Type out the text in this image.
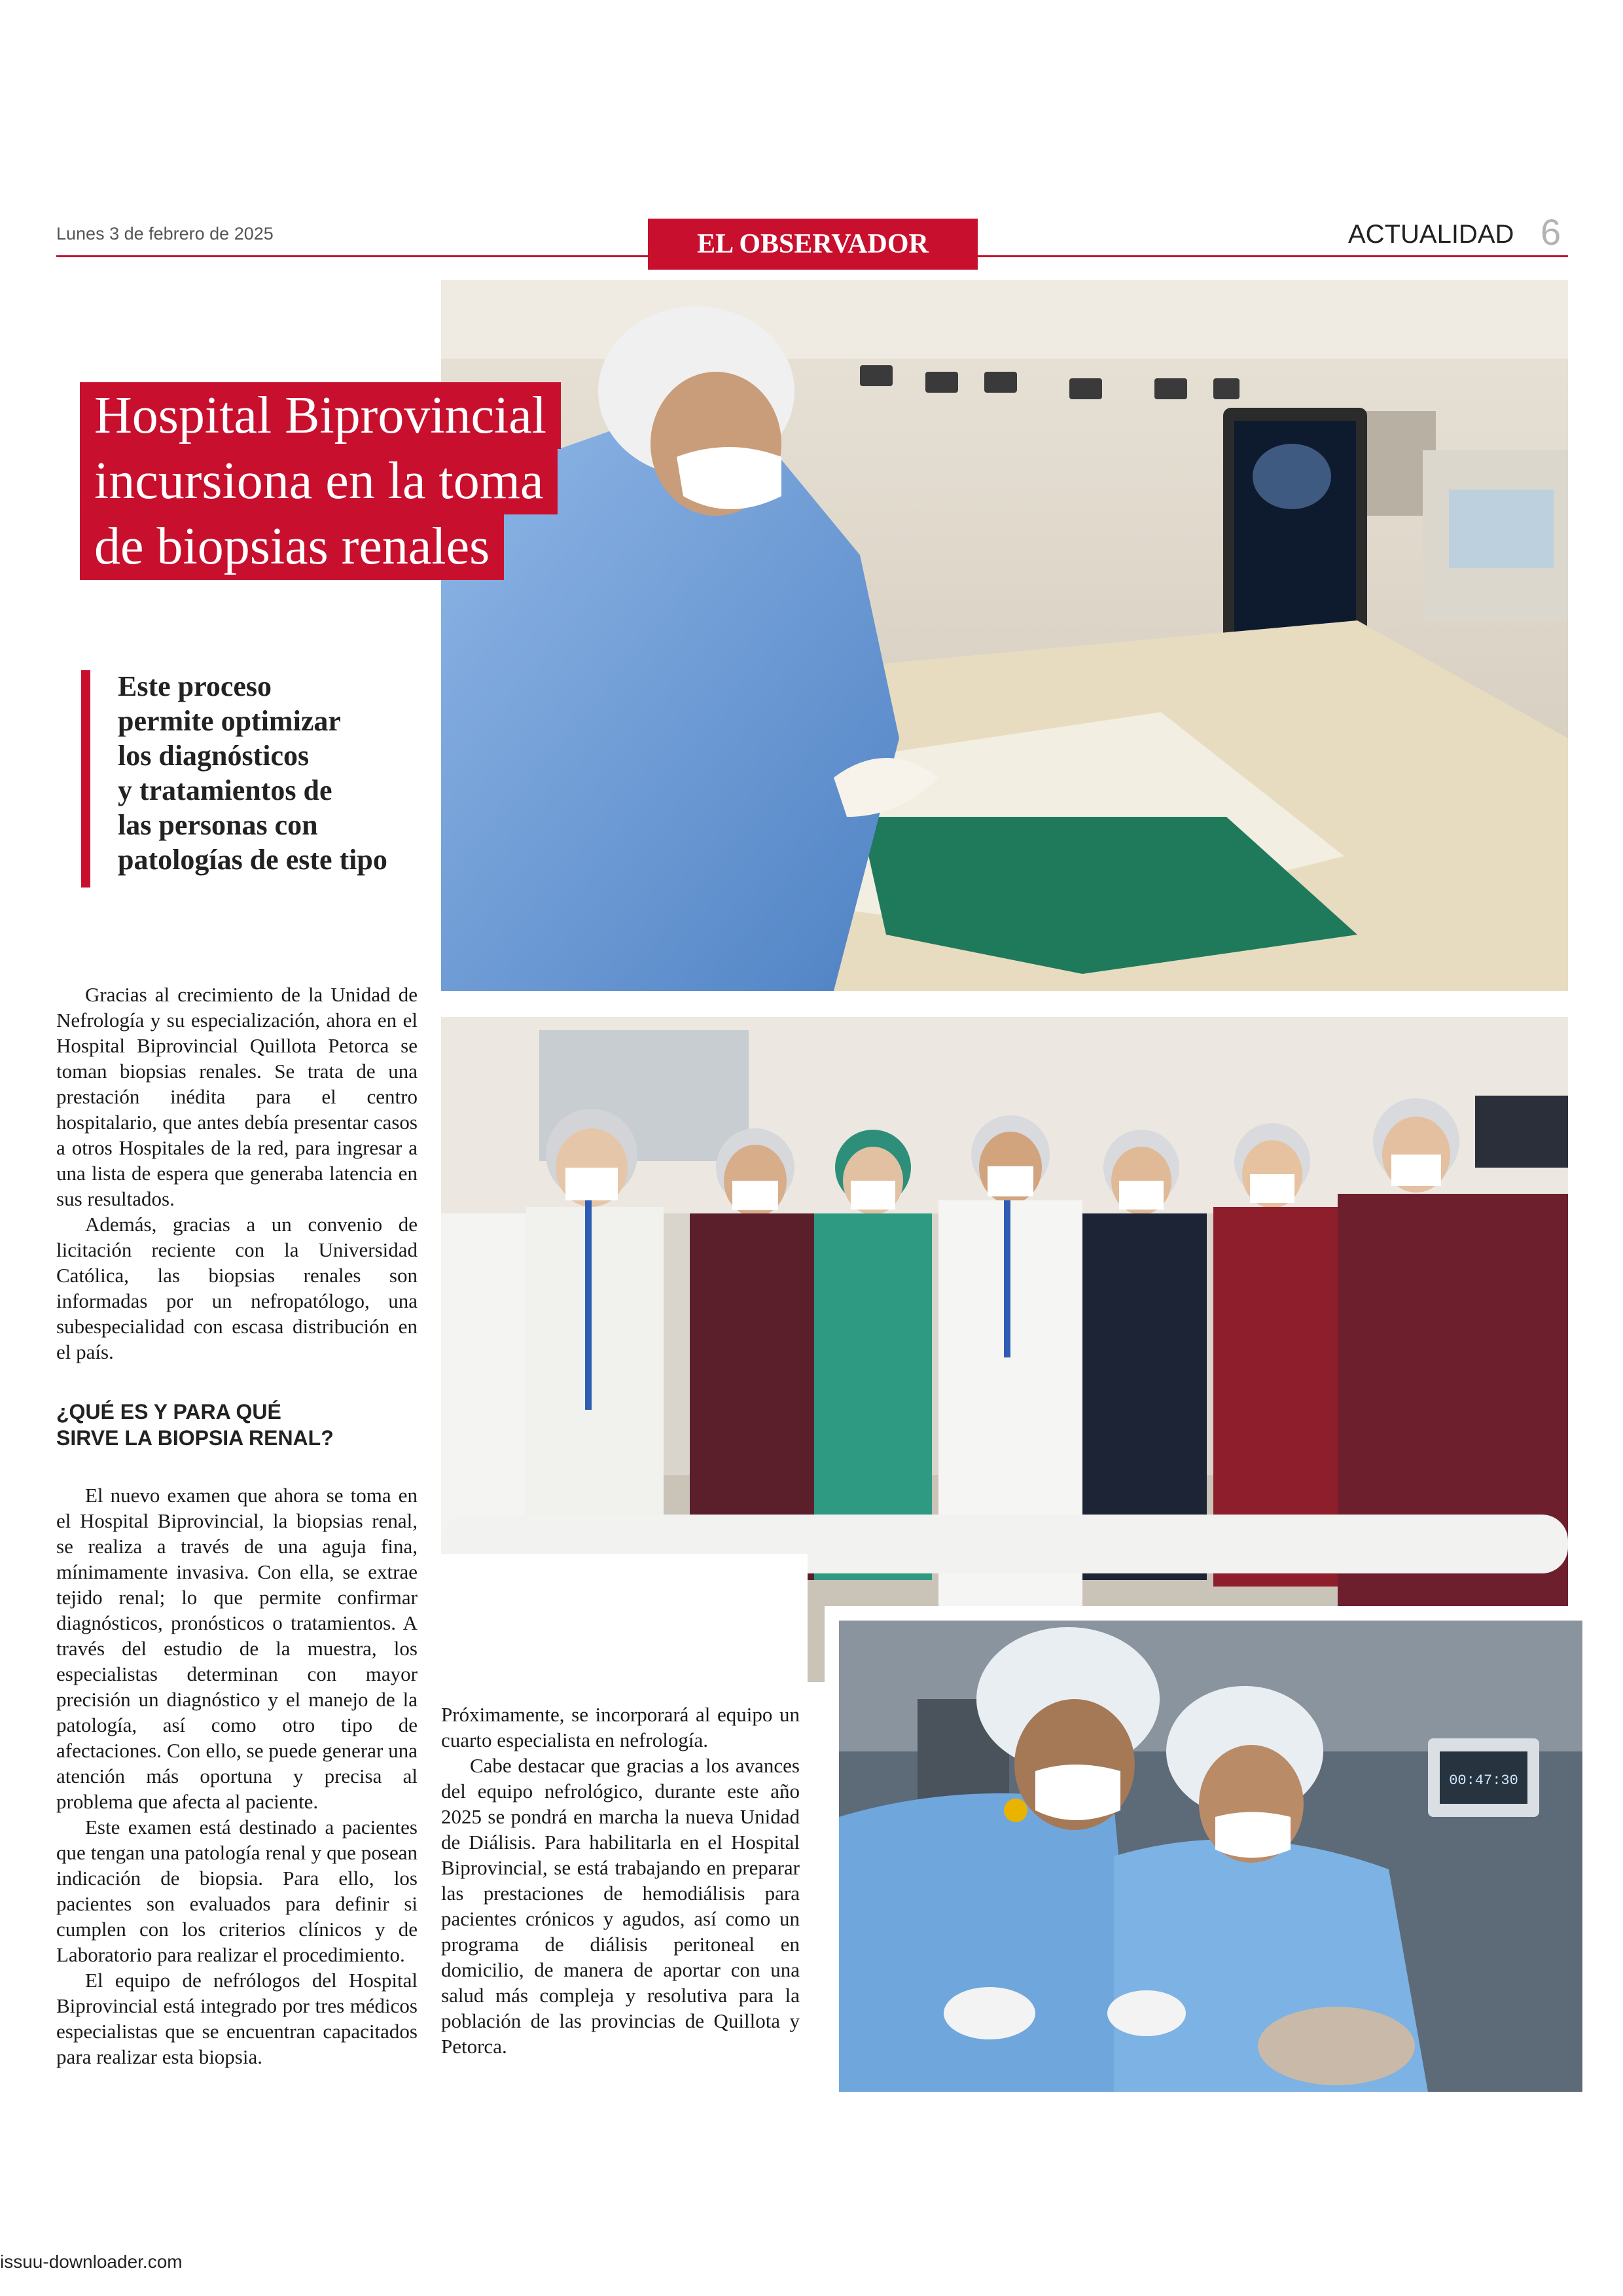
Lunes 3 de febrero de 2025	EL OBSERVADOR	ACTUALIDAD 6
Hospital Biprovincial
incursiona en la toma
de biopsias renales
Este proceso
permite optimizar
los diagnósticos
y tratamientos de
las personas con
patologías de este tipo
00:47:30

Gracias al crecimiento de la Unidad de Nefrología y su especialización, ahora en el Hospital Biprovincial Quillota Petorca se toman biopsias renales. Se trata de una prestación inédita para el centro hospitalario, que antes debía presentar casos a otros Hospitales de la red, para ingresar a una lista de espera que generaba latencia en sus resultados.

Además, gracias a un convenio de licitación reciente con la Universidad Católica, las biopsias renales son informadas por un nefropatólogo, una subespecialidad con escasa distribución en el país.

¿QUÉ ES Y PARA QUÉ
SIRVE LA BIOPSIA RENAL?

El nuevo examen que ahora se toma en el Hospital Biprovincial, la biopsias renal, se realiza a través de una aguja fina, mínimamente invasiva. Con ella, se extrae tejido renal; lo que permite confirmar diagnósticos, pronósticos o tratamientos. A través del estudio de la muestra, los especialistas determinan con mayor precisión un diagnóstico y el manejo de la patología, así como otro tipo de afectaciones. Con ello, se puede generar una atención más oportuna y precisa al problema que afecta al paciente.

Este examen está destinado a pacientes que tengan una patología renal y que posean indicación de biopsia. Para ello, los pacientes son evaluados para definir si cumplen con los criterios clínicos y de Laboratorio para realizar el procedimiento.

El equipo de nefrólogos del Hospital Biprovincial está integrado por tres médicos especialistas que se encuentran capacitados para realizar esta biopsia.

Próximamente, se incorporará al equipo un cuarto especialista en nefrología.

Cabe destacar que gracias a los avances del equipo nefrológico, durante este año 2025 se pondrá en marcha la nueva Unidad de Diálisis. Para habilitarla en el Hospital Biprovincial, se está trabajando en preparar las prestaciones de hemodiálisis para pacientes crónicos y agudos, así como un programa de diálisis peritoneal en domicilio, de manera de aportar con una salud más compleja y resolutiva para la población de las provincias de Quillota y Petorca.

issuu-downloader.com
